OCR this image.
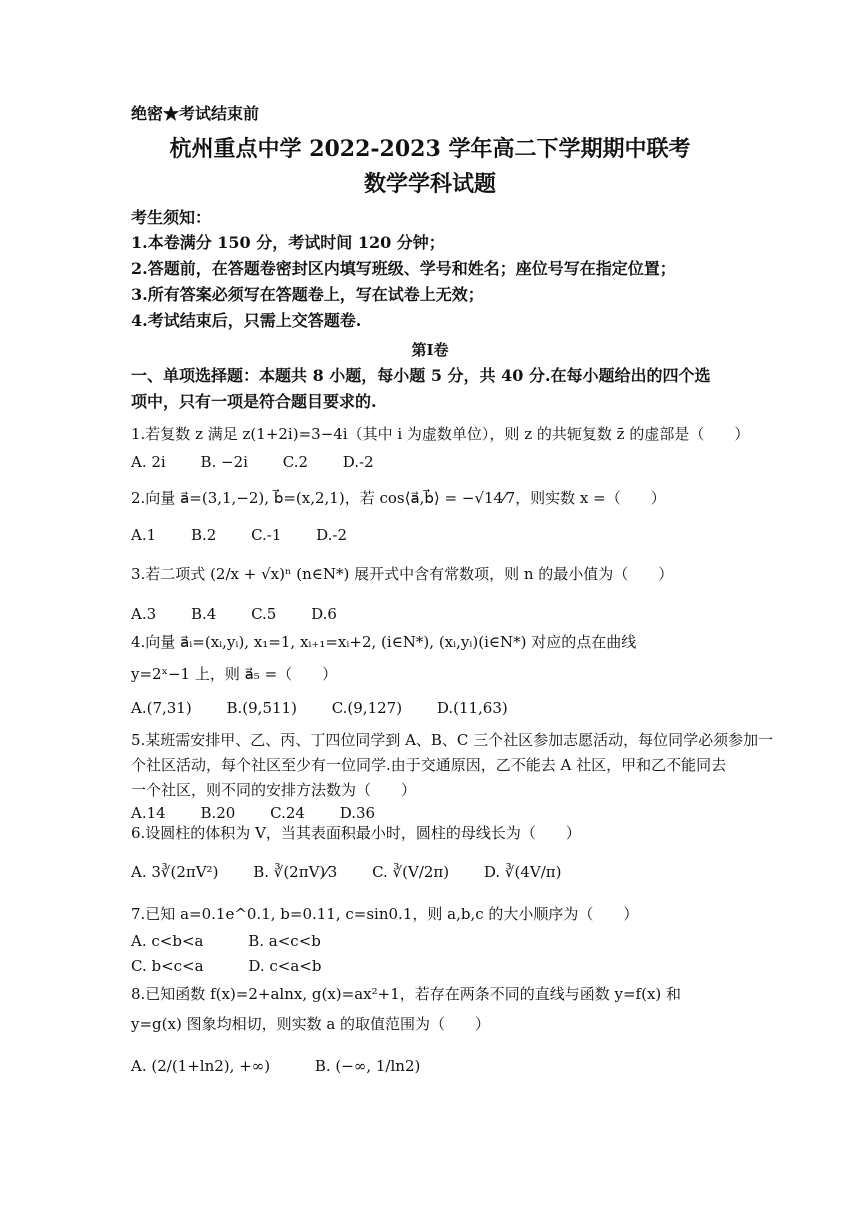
绝密★考试结束前
杭州重点中学 2022-2023 学年高二下学期期中联考
数学学科试题
考生须知：
1.本卷满分 150 分，考试时间 120 分钟；
2.答题前，在答题卷密封区内填写班级、学号和姓名；座位号写在指定位置；
3.所有答案必须写在答题卷上，写在试卷上无效；
4.考试结束后，只需上交答题卷.
第Ⅰ卷
一、单项选择题：本题共 8 小题，每小题 5 分，共 40 分.在每小题给出的四个选
项中，只有一项是符合题目要求的.
1.若复数 z 满足 z(1+2i)=3−4i（其中 i 为虚数单位），则 z 的共轭复数 z̄ 的虚部是（　　）
A. 2i B. −2i C.2 D.-2
2.向量 a⃗=(3,1,−2), b⃗=(x,2,1)，若 cos⟨a⃗,b⃗⟩ = −√14⁄7，则实数 x =（　　）
A.1 B.2 C.-1 D.-2
3.若二项式 (2/x + √x)ⁿ (n∈N*) 展开式中含有常数项，则 n 的最小值为（　　）
A.3 B.4 C.5 D.6
4.向量 a⃗ᵢ=(xᵢ,yᵢ), x₁=1, xᵢ₊₁=xᵢ+2, (i∈N*), (xᵢ,yᵢ)(i∈N*) 对应的点在曲线
y=2ˣ−1 上，则 a⃗₅ =（　　）
A.(7,31) B.(9,511) C.(9,127) D.(11,63)
5.某班需安排甲、乙、丙、丁四位同学到 A、B、C 三个社区参加志愿活动，每位同学必须参加一
个社区活动，每个社区至少有一位同学.由于交通原因，乙不能去 A 社区，甲和乙不能同去
一个社区，则不同的安排方法数为（　　）
A.14 B.20 C.24 D.36
6.设圆柱的体积为 V，当其表面积最小时，圆柱的母线长为（　　）
A. 3∛(2πV²) B. ∛(2πV)⁄3 C. ∛(V/2π) D. ∛(4V/π)
7.已知 a=0.1e^0.1, b=0.11, c=sin0.1，则 a,b,c 的大小顺序为（　　）
A. c<b<a	B. a<c<b
C. b<c<a	D. c<a<b
8.已知函数 f(x)=2+alnx, g(x)=ax²+1，若存在两条不同的直线与函数 y=f(x) 和
y=g(x) 图象均相切，则实数 a 的取值范围为（　　）
A. (2/(1+ln2), +∞)	B. (−∞, 1/ln2)
